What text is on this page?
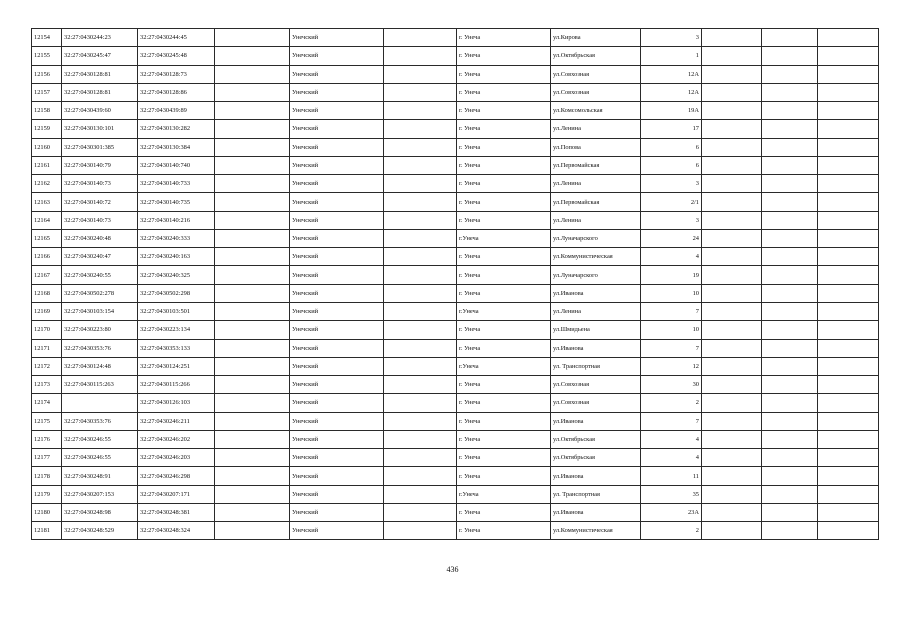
12154	32:27:0430244:23	32:27:0430244:45		Унечский		г. Унеча	ул.Кирова	3			
12155	32:27:0430245:47	32:27:0430245:48		Унечский		г. Унеча	ул.Октябрьская	1			
12156	32:27:0430128:81	32:27:0430128:73		Унечский		г. Унеча	ул.Совхозная	12А			
12157	32:27:0430128:81	32:27:0430128:86		Унечский		г. Унеча	ул.Совхозная	12А			
12158	32:27:0430439:60	32:27:0430439:89		Унечский		г. Унеча	ул.Комсомольская	19А			
12159	32:27:0430130:101	32:27:0430130:282		Унечский		г. Унеча	ул.Ленина	17			
12160	32:27:0430301:385	32:27:0430130:384		Унечский		г. Унеча	ул.Попова	6			
12161	32:27:0430140:79	32:27:0430140:740		Унечский		г. Унеча	ул.Первомайская	6			
12162	32:27:0430140:73	32:27:0430140:733		Унечский		г. Унеча	ул.Ленина	3			
12163	32:27:0430140:72	32:27:0430140:735		Унечский		г. Унеча	ул.Первомайская	2/1			
12164	32:27:0430140:73	32:27:0430140:216		Унечский		г. Унеча	ул.Ленина	3			
12165	32:27:0430240:48	32:27:0430240:333		Унечский		г.Унеча	ул.Луначарского	24			
12166	32:27:0430240:47	32:27:0430240:163		Унечский		г. Унеча	ул.Коммунистическая	4			
12167	32:27:0430240:55	32:27:0430240:325		Унечский		г. Унеча	ул.Луначарского	19			
12168	32:27:0430502:278	32:27:0430502:298		Унечский		г. Унеча	ул.Иванова	10			
12169	32:27:0430103:154	32:27:0430103:501		Унечский		г.Унеча	ул.Ленина	7			
12170	32:27:0430223:80	32:27:0430223:134		Унечский		г. Унеча	ул.Шмидьена	10			
12171	32:27:0430353:76	32:27:0430353:133		Унечский		г. Унеча	ул.Иванова	7			
12172	32:27:0430124:48	32:27:0430124:251		Унечский		г.Унеча	ул. Транспортная	12			
12173	32:27:0430115:263	32:27:0430115:266		Унечский		г. Унеча	ул.Совхозная	30			
12174		32:27:0430126:103		Унечский		г. Унеча	ул.Совхозная	2			
12175	32:27:0430353:76	32:27:0430246:211		Унечский		г. Унеча	ул.Иванова	7			
12176	32:27:0430246:55	32:27:0430246:202		Унечский		г. Унеча	ул.Октябрьская	4			
12177	32:27:0430246:55	32:27:0430246:203		Унечский		г. Унеча	ул.Октябрьская	4			
12178	32:27:0430248:91	32:27:0430246:298		Унечский		г. Унеча	ул.Иванова	11			
12179	32:27:0430207:153	32:27:0430207:171		Унечский		г.Унеча	ул. Транспортная	35			
12180	32:27:0430248:98	32:27:0430248:381		Унечский		г. Унеча	ул.Иванова	23А			
12181	32:27:0430248:529	32:27:0430248:324		Унечский		г. Унеча	ул.Коммунистическая	2			
436
